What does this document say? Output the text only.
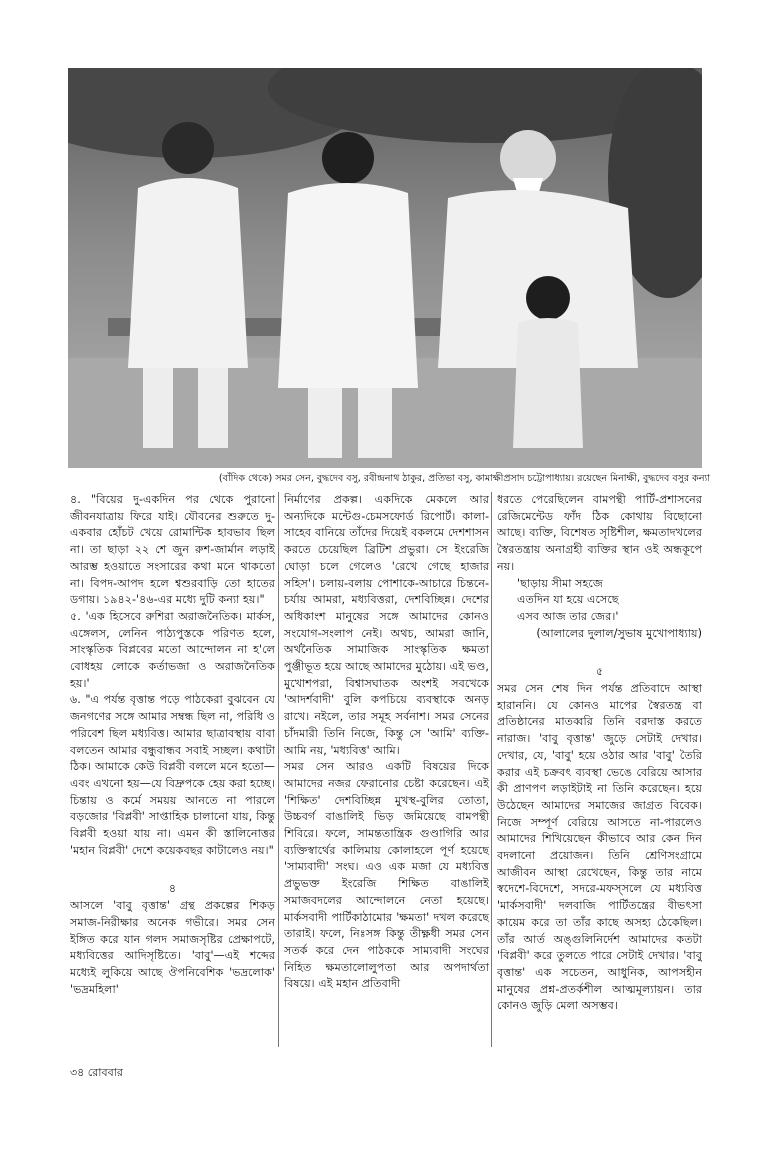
(বাঁদিক থেকে) সমর সেন, বুদ্ধদেব বসু, রবীন্দ্রনাথ ঠাকুর, প্রতিভা বসু, কামাক্ষীপ্রসাদ চট্টোপাধ্যায়। রয়েছেন মিনাক্ষী, বুদ্ধদেব বসুর কন্যা

৪. "বিয়ের দু-একদিন পর থেকে পুরানো জীবনযাত্রায় ফিরে যাই। যৌবনের শুরুতে দু-একবার হোঁচট খেয়ে রোমান্টিক হাবভাব ছিল না। তা ছাড়া ২২ শে জুন রুশ-জার্মান লড়াই আরম্ভ হওয়াতে সংসারের কথা মনে থাকতো না। বিপদ-আপদ হলে শ্বশুরবাড়ি তো হাতের ডগায়। ১৯৪২-'৪৬-এর মধ্যে দুটি কন্যা হয়।"

৫. 'এক হিসেবে রুশিরা অরাজনৈতিক। মার্কস, এঙ্গেলস, লেনিন পাঠ্যপুস্তকে পরিণত হলে, সাংস্কৃতিক বিপ্লবের মতো আন্দোলন না হ'লে বোধহয় লোকে কর্তাভজা ও অরাজনৈতিক হয়।'

৬. "এ পর্যন্ত বৃত্তান্ত পড়ে পাঠকেরা বুঝবেন যে জনগণের সঙ্গে আমার সম্বন্ধ ছিল না, পরিধি ও পরিবেশ ছিল মধ্যবিত্ত। আমার ছাত্রাবস্থায় বাবা বলতেন আমার বন্ধুবান্ধব সবাই সচ্ছল। কথাটা ঠিক। আমাকে কেউ বিপ্লবী বললে মনে হতো—এবং এখনো হয়—যে বিদ্রুপকে হেয় করা হচ্ছে। চিন্তায় ও কর্মে সময়য় আনতে না পারলে বড়জোর 'বিপ্লবী' সাপ্তাহিক চালানো যায়, কিন্তু বিপ্লবী হওয়া যায় না। এমন কী স্তালিনোত্তর 'মহান বিপ্লবী' দেশে কয়েকবছর কাটালেও নয়।"

৪

আসলে 'বাবু বৃত্তান্ত' গ্রন্থ প্রকল্পের শিকড় সমাজ-নিরীক্ষার অনেক গভীরে। সমর সেন ইঙ্গিত করে যান গলদ সমাজসৃষ্টির প্রেক্ষাপটে, মধ্যবিত্তের আদিসৃষ্টিতে। 'বাবু'—এই শব্দের মধ্যেই লুকিয়ে আছে ঔপনিবেশিক 'ভদ্রলোক' 'ভদ্রমহিলা'

নির্মাণের প্রকল্প। একদিকে মেকলে আর অন্যদিকে মন্টেগু-চেমসফোর্ড রিপোর্ট। কালা-সাহেব বানিয়ে তাঁদের দিয়েই বকলমে দেশশাসন করতে চেয়েছিল ব্রিটিশ প্রভুরা। সে ইংরেজি ঘোড়া চলে গেলেও 'রেখে গেছে হাজার সহিস'। চলায়-বলায় পোশাকে-আচারে চিন্তনে-চর্যায় আমরা, মধ্যবিত্তরা, দেশবিচ্ছিন্ন। দেশের অধিকাংশ মানুষের সঙ্গে আমাদের কোনও সংযোগ-সংলাপ নেই। অথচ, আমরা জানি, অর্থনৈতিক সামাজিক সাংস্কৃতিক ক্ষমতা পুঞ্জীভূত হয়ে আছে আমাদের মুঠোয়। এই ভণ্ড, মুখোশপরা, বিশ্বাসঘাতক অংশই সবখেকে 'আদর্শবাদী' বুলি কপচিয়ে ব্যবস্থাকে অনড় রাখে। নইলে, তার সমূহ সর্বনাশ। সমর সেনের চাঁদমারী তিনি নিজে, কিন্তু সে 'আমি' ব্যক্তি-আমি নয়, 'মধ্যবিত্ত' আমি।

সমর সেন আরও একটি বিষয়ের দিকে আমাদের নজর ফেরানোর চেষ্টা করেছেন। এই 'শিক্ষিত' দেশবিচ্ছিন্ন মুখস্থ-বুলির তোতা, উচ্চবর্গ বাঙালিই ভিড় জমিয়েছে বামপন্থী শিবিরে। ফলে, সামন্ততান্ত্রিক গুণ্ডাগিরি আর ব্যক্তিস্বার্থের কালিমায় কোলাহলে পূর্ণ হয়েছে 'সাম্যবাদী' সংঘ। এও এক মজা যে মধ্যবিত্ত প্রভুভক্ত ইংরেজি শিক্ষিত বাঙালিই সমাজবদলের আন্দোলনে নেতা হয়েছে। মার্কসবাদী পার্টিকাঠামোর 'ক্ষমতা' দখল করেছে তারাই। ফলে, নিঃসঙ্গ কিন্তু তীক্ষ্ণধী সমর সেন সতর্ক করে দেন পাঠককে সাম্যবাদী সংঘের নিহিত ক্ষমতালোলুপতা আর অপদার্থতা বিষয়ে। এই মহান প্রতিবাদী

ধরতে পেরেছিলেন বামপন্থী পার্টি-প্রশাসনের রেজিমেন্টেড ফাঁদ ঠিক কোথায় বিছোনো আছে। ব্যক্তি, বিশেষত সৃষ্টিশীল, ক্ষমতাদখলের স্বৈরতন্ত্রায় অনাগ্রহী ব্যক্তির স্থান ওই অন্ধকূপে নয়।

'ছাড়ায় সীমা সহজে

এতদিন যা হয়ে এসেছে

এসব আজ তার জের।'

(আলালের দুলাল/সুভাষ মুখোপাধ্যায়)

৫

সমর সেন শেষ দিন পর্যন্ত প্রতিবাদে আস্থা হারাননি। যে কোনও মাপের স্বৈরতন্ত্র বা প্রতিষ্ঠানের মাতব্বরি তিনি বরদাস্ত করতে নারাজ। 'বাবু বৃত্তান্ত' জুড়ে সেটাই দেখার। দেখার, যে, 'বাবু' হয়ে ওঠার আর 'বাবু' তৈরি করার এই চক্রবৎ ব্যবস্থা ভেঙে বেরিয়ে আসার কী প্রাণপণ লড়াইটাই না তিনি করেছেন। হয়ে উঠেছেন আমাদের সমাজের জাগ্রত বিবেক। নিজে সম্পূর্ণ বেরিয়ে আসতে না-পারলেও আমাদের শিখিয়েছেন কীভাবে আর কেন দিন বদলানো প্রয়োজন। তিনি শ্রেণিসংগ্রামে আজীবন আস্থা রেখেছেন, কিন্তু তার নামে স্বদেশে-বিদেশে, সদরে-মফস্সলে যে মধ্যবিত্ত 'মার্কসবাদী' দলবাজি পার্টিতন্ত্রের বীভৎসা কায়েম করে তা তাঁর কাছে অসহ্য ঠেকেছিল। তাঁর আর্ত অঙ্গুলিনির্দেশ আমাদের কতটা 'বিপ্লবী' করে তুলতে পারে সেটাই দেখার। 'বাবু বৃত্তান্ত' এক সচেতন, আধুনিক, আপসহীন মানুষের প্রশ্ন-প্রতর্কশীল আত্মমূল্যায়ন। তার কোনও জুড়ি মেলা অসম্ভব।

৩৪ রোববার
